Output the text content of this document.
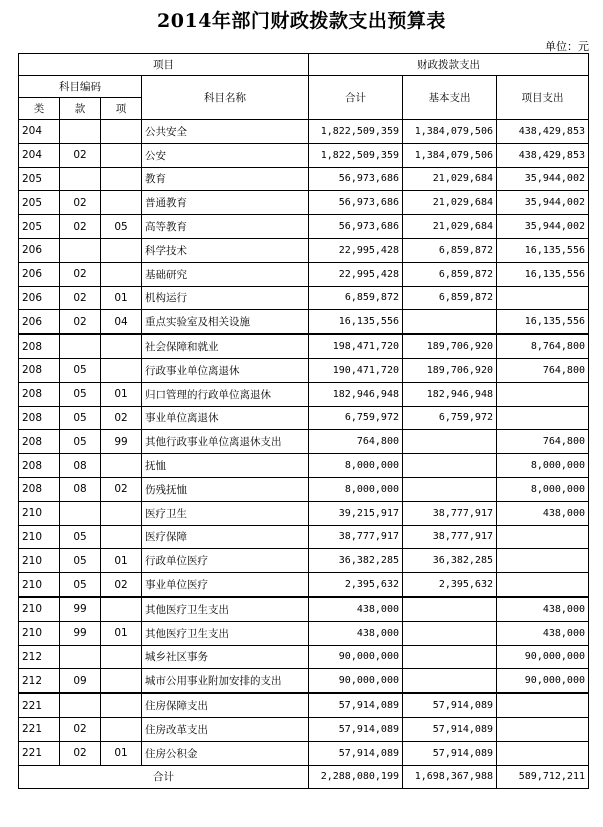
2014年部门财政拨款支出预算表
单位：元
项目				财政拨款支出		
科目编码			科目名称	合计	基本支出	项目支出
类	款	项				
204			公共安全	1,822,509,359	1,384,079,506	438,429,853
204	02		公安	1,822,509,359	1,384,079,506	438,429,853
205			教育	56,973,686	21,029,684	35,944,002
205	02		普通教育	56,973,686	21,029,684	35,944,002
205	02	05	高等教育	56,973,686	21,029,684	35,944,002
206			科学技术	22,995,428	6,859,872	16,135,556
206	02		基础研究	22,995,428	6,859,872	16,135,556
206	02	01	机构运行	6,859,872	6,859,872	
206	02	04	重点实验室及相关设施	16,135,556		16,135,556
208			社会保障和就业	198,471,720	189,706,920	8,764,800
208	05		行政事业单位离退休	190,471,720	189,706,920	764,800
208	05	01	归口管理的行政单位离退休	182,946,948	182,946,948	
208	05	02	事业单位离退休	6,759,972	6,759,972	
208	05	99	其他行政事业单位离退休支出	764,800		764,800
208	08		抚恤	8,000,000		8,000,000
208	08	02	伤残抚恤	8,000,000		8,000,000
210			医疗卫生	39,215,917	38,777,917	438,000
210	05		医疗保障	38,777,917	38,777,917	
210	05	01	行政单位医疗	36,382,285	36,382,285	
210	05	02	事业单位医疗	2,395,632	2,395,632	
210	99		其他医疗卫生支出	438,000		438,000
210	99	01	其他医疗卫生支出	438,000		438,000
212			城乡社区事务	90,000,000		90,000,000
212	09		城市公用事业附加安排的支出	90,000,000		90,000,000
221			住房保障支出	57,914,089	57,914,089	
221	02		住房改革支出	57,914,089	57,914,089	
221	02	01	住房公积金	57,914,089	57,914,089	
合计				2,288,080,199	1,698,367,988	589,712,211
